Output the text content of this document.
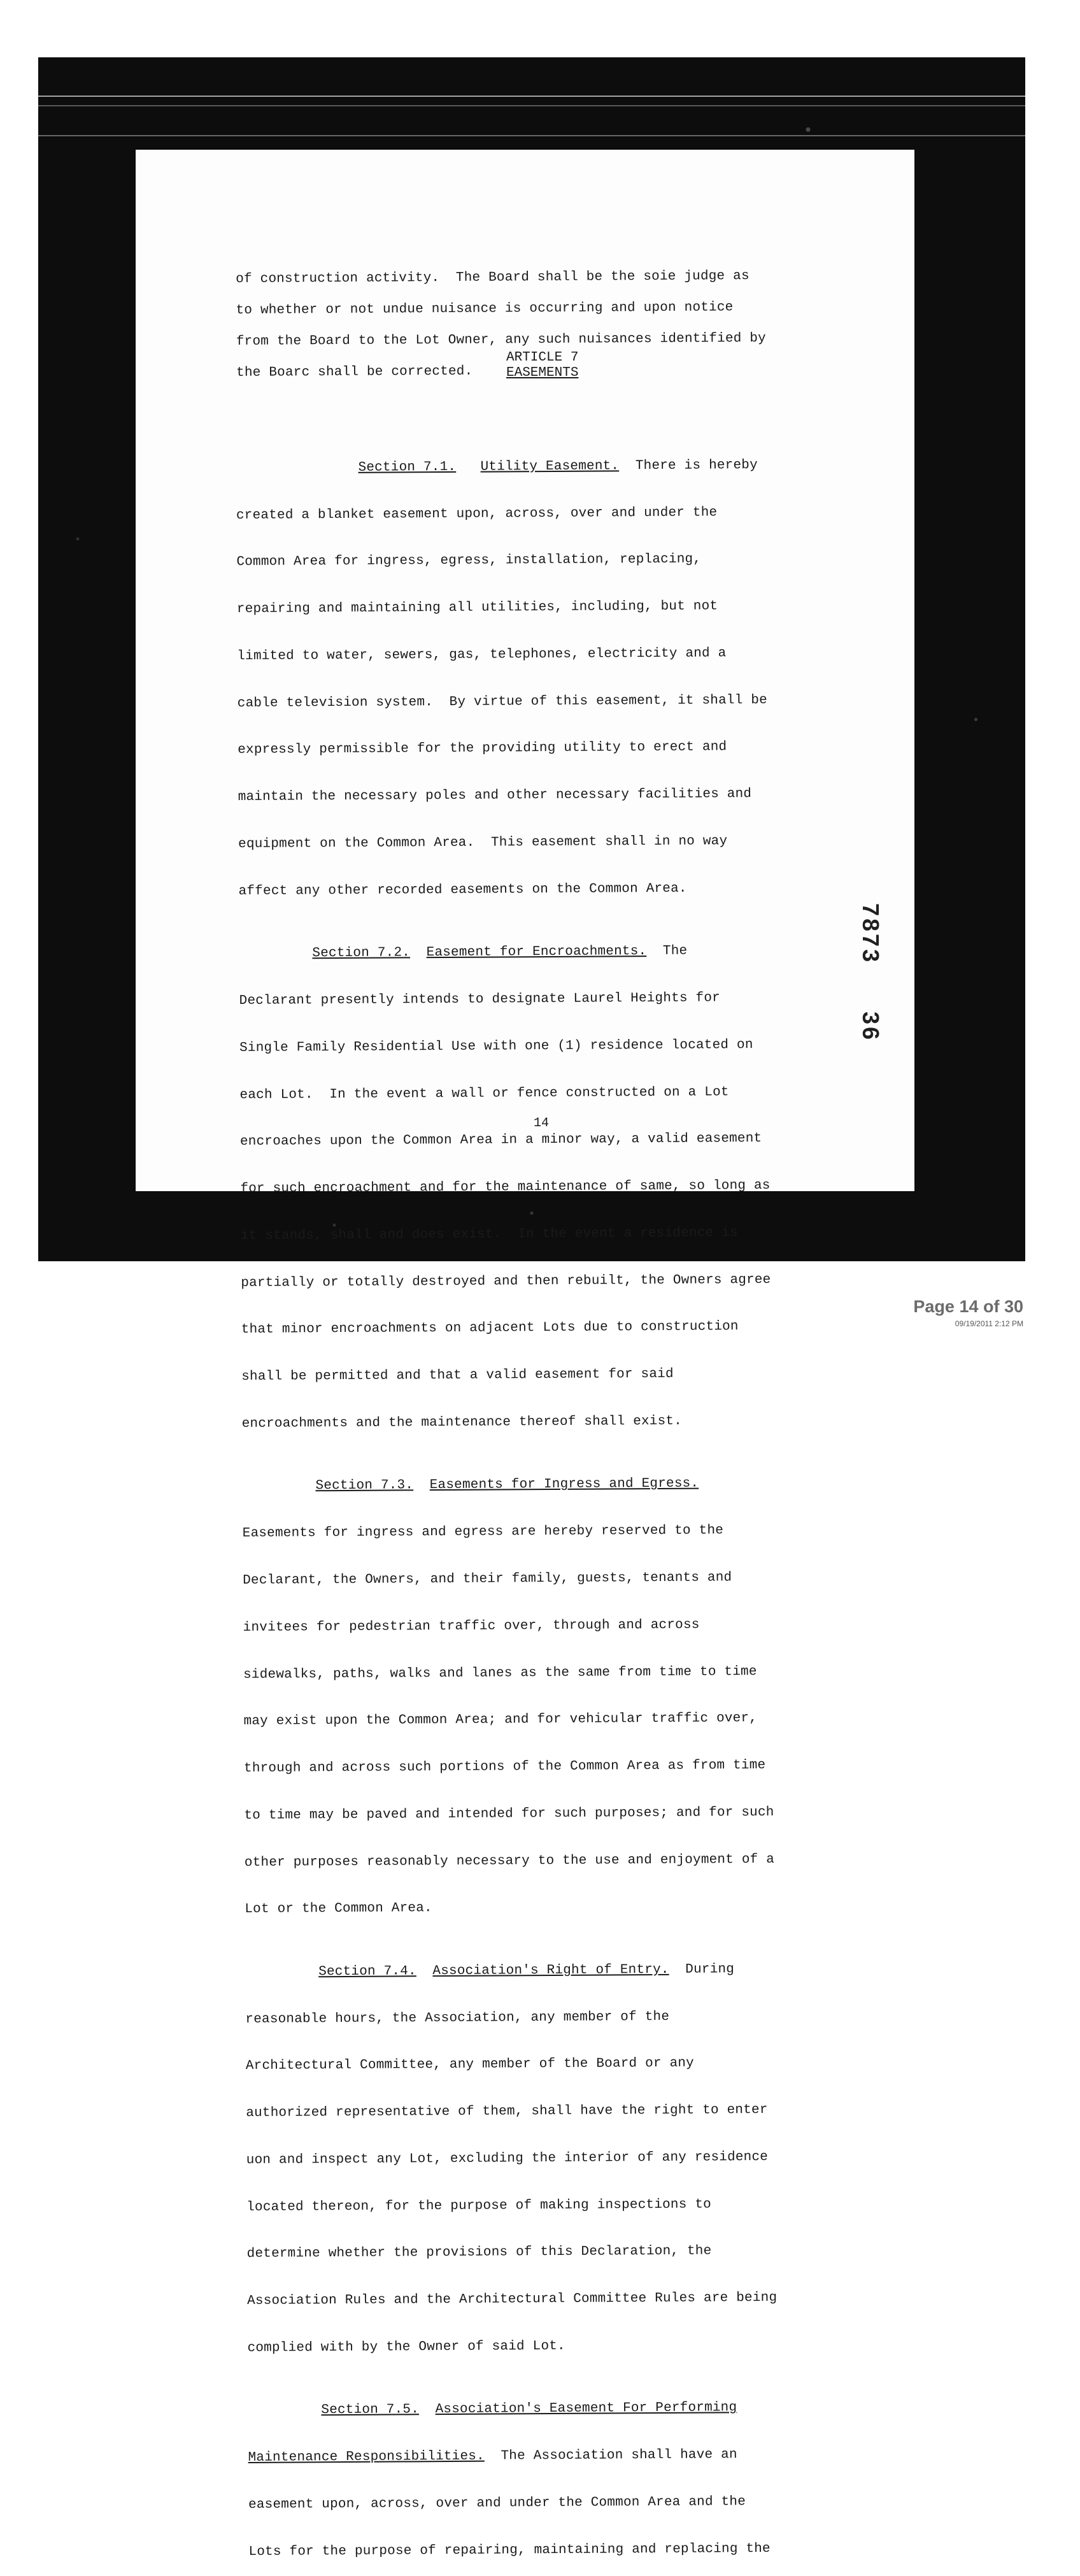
of construction activity.  The Board shall be the soie judge as

to whether or not undue nuisance is occurring and upon notice

from the Board to the Lot Owner, any such nuisances identified by

the Boarc shall be corrected.

ARTICLE 7
EASEMENTS

Section 7.1. Utility Easement. There is hereby

created a blanket easement upon, across, over and under the

Common Area for ingress, egress, installation, replacing,

repairing and maintaining all utilities, including, but not

limited to water, sewers, gas, telephones, electricity and a

cable television system.  By virtue of this easement, it shall be

expressly permissible for the providing utility to erect and

maintain the necessary poles and other necessary facilities and

equipment on the Common Area.  This easement shall in no way

affect any other recorded easements on the Common Area.

Section 7.2. Easement for Encroachments. The

Declarant presently intends to designate Laurel Heights for

Single Family Residential Use with one (1) residence located on

each Lot.  In the event a wall or fence constructed on a Lot

encroaches upon the Common Area in a minor way, a valid easement

for such encroachment and for the maintenance of same, so long as

it stands, shall and does exist.  In the event a residence is

partially or totally destroyed and then rebuilt, the Owners agree

that minor encroachments on adjacent Lots due to construction

shall be permitted and that a valid easement for said

encroachments and the maintenance thereof shall exist.

Section 7.3. Easements for Ingress and Egress.

Easements for ingress and egress are hereby reserved to the

Declarant, the Owners, and their family, guests, tenants and

invitees for pedestrian traffic over, through and across

sidewalks, paths, walks and lanes as the same from time to time

may exist upon the Common Area; and for vehicular traffic over,

through and across such portions of the Common Area as from time

to time may be paved and intended for such purposes; and for such

other purposes reasonably necessary to the use and enjoyment of a

Lot or the Common Area.

Section 7.4. Association's Right of Entry. During

reasonable hours, the Association, any member of the

Architectural Committee, any member of the Board or any

authorized representative of them, shall have the right to enter

uon and inspect any Lot, excluding the interior of any residence

located thereon, for the purpose of making inspections to

determine whether the provisions of this Declaration, the

Association Rules and the Architectural Committee Rules are being

complied with by the Owner of said Lot.

Section 7.5. Association's Easement For Performing

Maintenance Responsibilities. The Association shall have an

easement upon, across, over and under the Common Area and the

Lots for the purpose of repairing, maintaining and replacing the

14
7873 36
Page 14 of 30
09/19/2011 2:12 PM
